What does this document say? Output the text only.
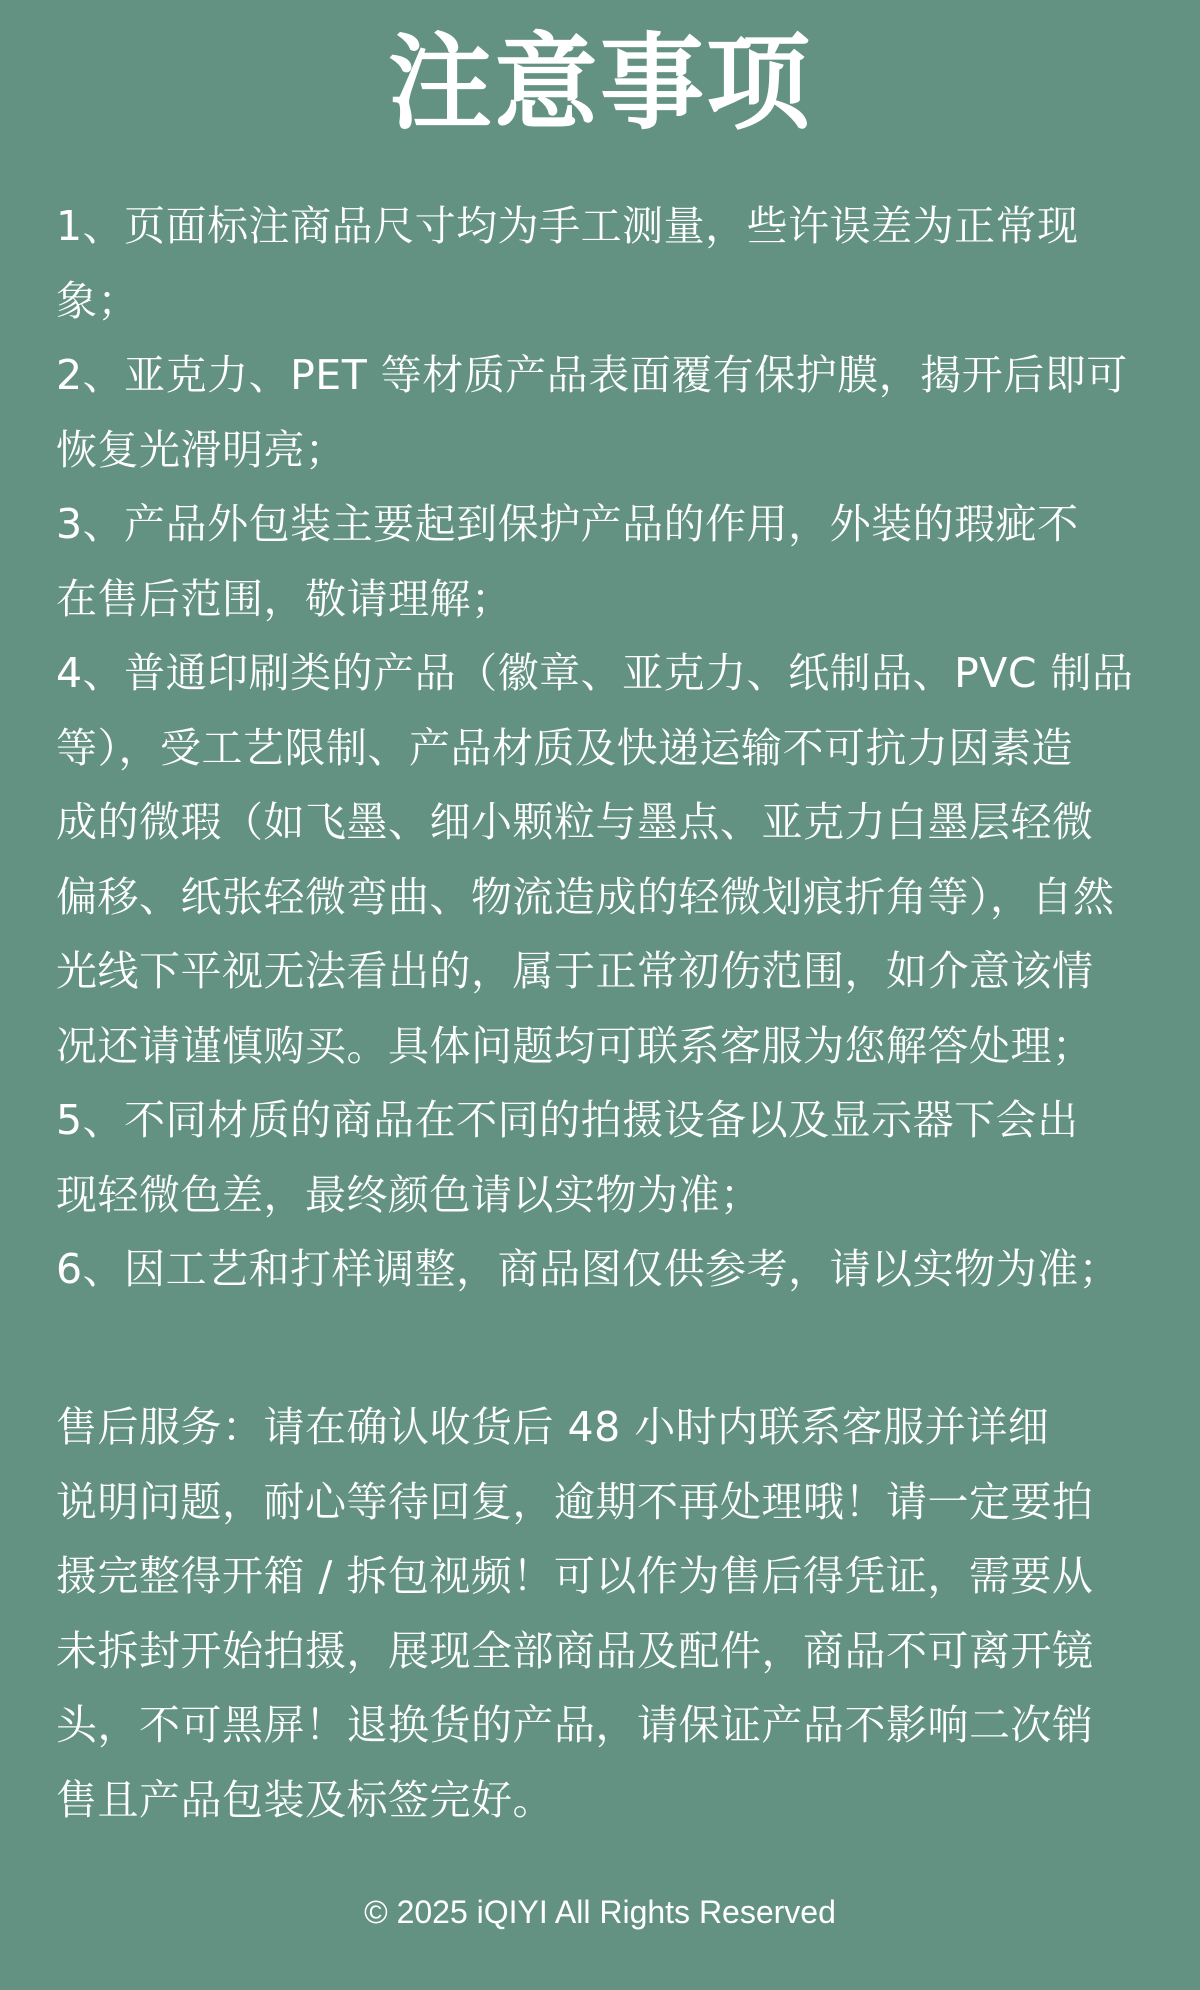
注意事项
1、页面标注商品尺寸均为手工测量，些许误差为正常现
象；
2、亚克力、PET 等材质产品表面覆有保护膜，揭开后即可
恢复光滑明亮；
3、产品外包装主要起到保护产品的作用，外装的瑕疵不
在售后范围，敬请理解；
4、普通印刷类的产品（徽章、亚克力、纸制品、PVC 制品
等），受工艺限制、产品材质及快递运输不可抗力因素造
成的微瑕（如飞墨、细小颗粒与墨点、亚克力白墨层轻微
偏移、纸张轻微弯曲、物流造成的轻微划痕折角等），自然
光线下平视无法看出的，属于正常初伤范围，如介意该情
况还请谨慎购买。具体问题均可联系客服为您解答处理；
5、不同材质的商品在不同的拍摄设备以及显示器下会出
现轻微色差，最终颜色请以实物为准；
6、因工艺和打样调整，商品图仅供参考，请以实物为准；
售后服务：请在确认收货后 48 小时内联系客服并详细
说明问题，耐心等待回复，逾期不再处理哦！请一定要拍
摄完整得开箱 / 拆包视频！可以作为售后得凭证，需要从
未拆封开始拍摄，展现全部商品及配件，商品不可离开镜
头，不可黑屏！退换货的产品，请保证产品不影响二次销
售且产品包装及标签完好。
© 2025 iQIYI All Rights Reserved
